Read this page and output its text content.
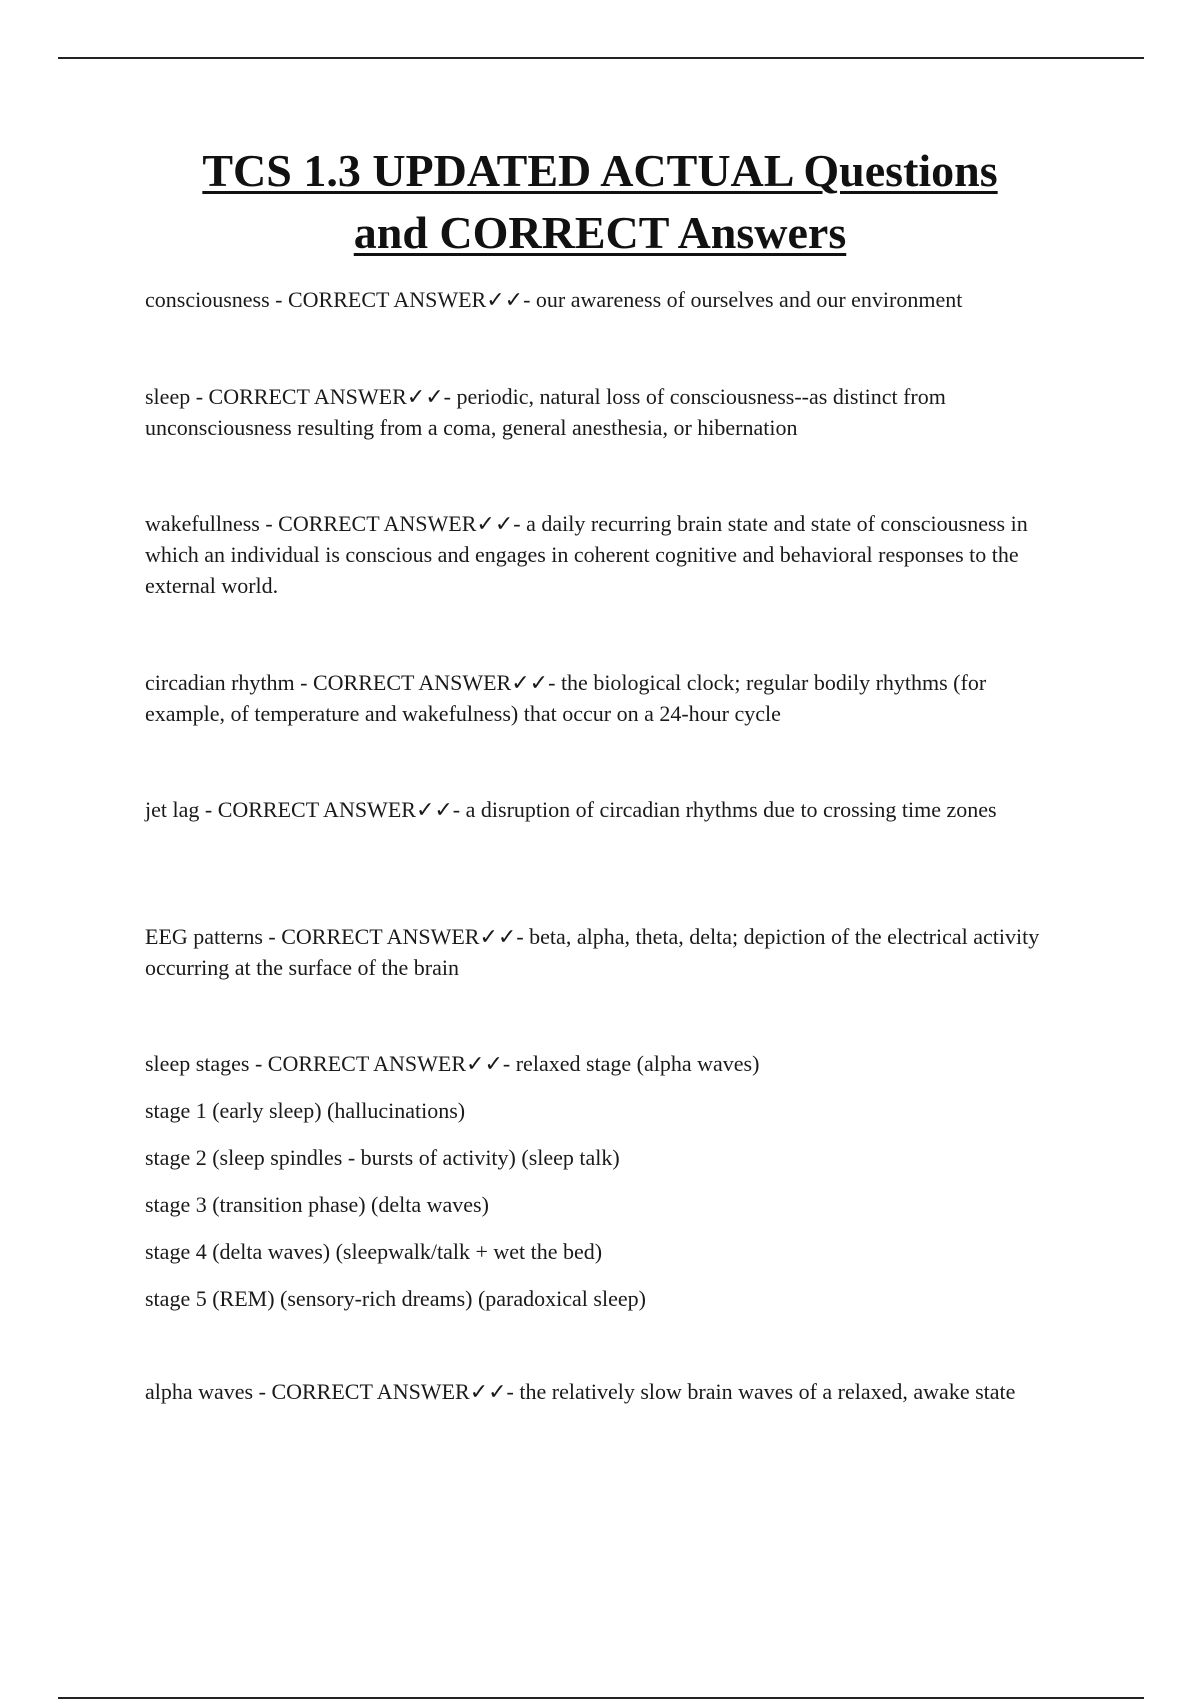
TCS 1.3 UPDATED ACTUAL Questions
and CORRECT Answers

consciousness - CORRECT ANSWER✓✓- our awareness of ourselves and our environment

sleep - CORRECT ANSWER✓✓- periodic, natural loss of consciousness--as distinct from unconsciousness resulting from a coma, general anesthesia, or hibernation

wakefullness - CORRECT ANSWER✓✓- a daily recurring brain state and state of consciousness in which an individual is conscious and engages in coherent cognitive and behavioral responses to the external world.

circadian rhythm - CORRECT ANSWER✓✓- the biological clock; regular bodily rhythms (for example, of temperature and wakefulness) that occur on a 24-hour cycle

jet lag - CORRECT ANSWER✓✓- a disruption of circadian rhythms due to crossing time zones

EEG patterns - CORRECT ANSWER✓✓- beta, alpha, theta, delta; depiction of the electrical activity occurring at the surface of the brain

sleep stages - CORRECT ANSWER✓✓- relaxed stage (alpha waves)
stage 1 (early sleep) (hallucinations)
stage 2 (sleep spindles - bursts of activity) (sleep talk)
stage 3 (transition phase) (delta waves)
stage 4 (delta waves) (sleepwalk/talk + wet the bed)
stage 5 (REM) (sensory-rich dreams) (paradoxical sleep)

alpha waves - CORRECT ANSWER✓✓- the relatively slow brain waves of a relaxed, awake state
